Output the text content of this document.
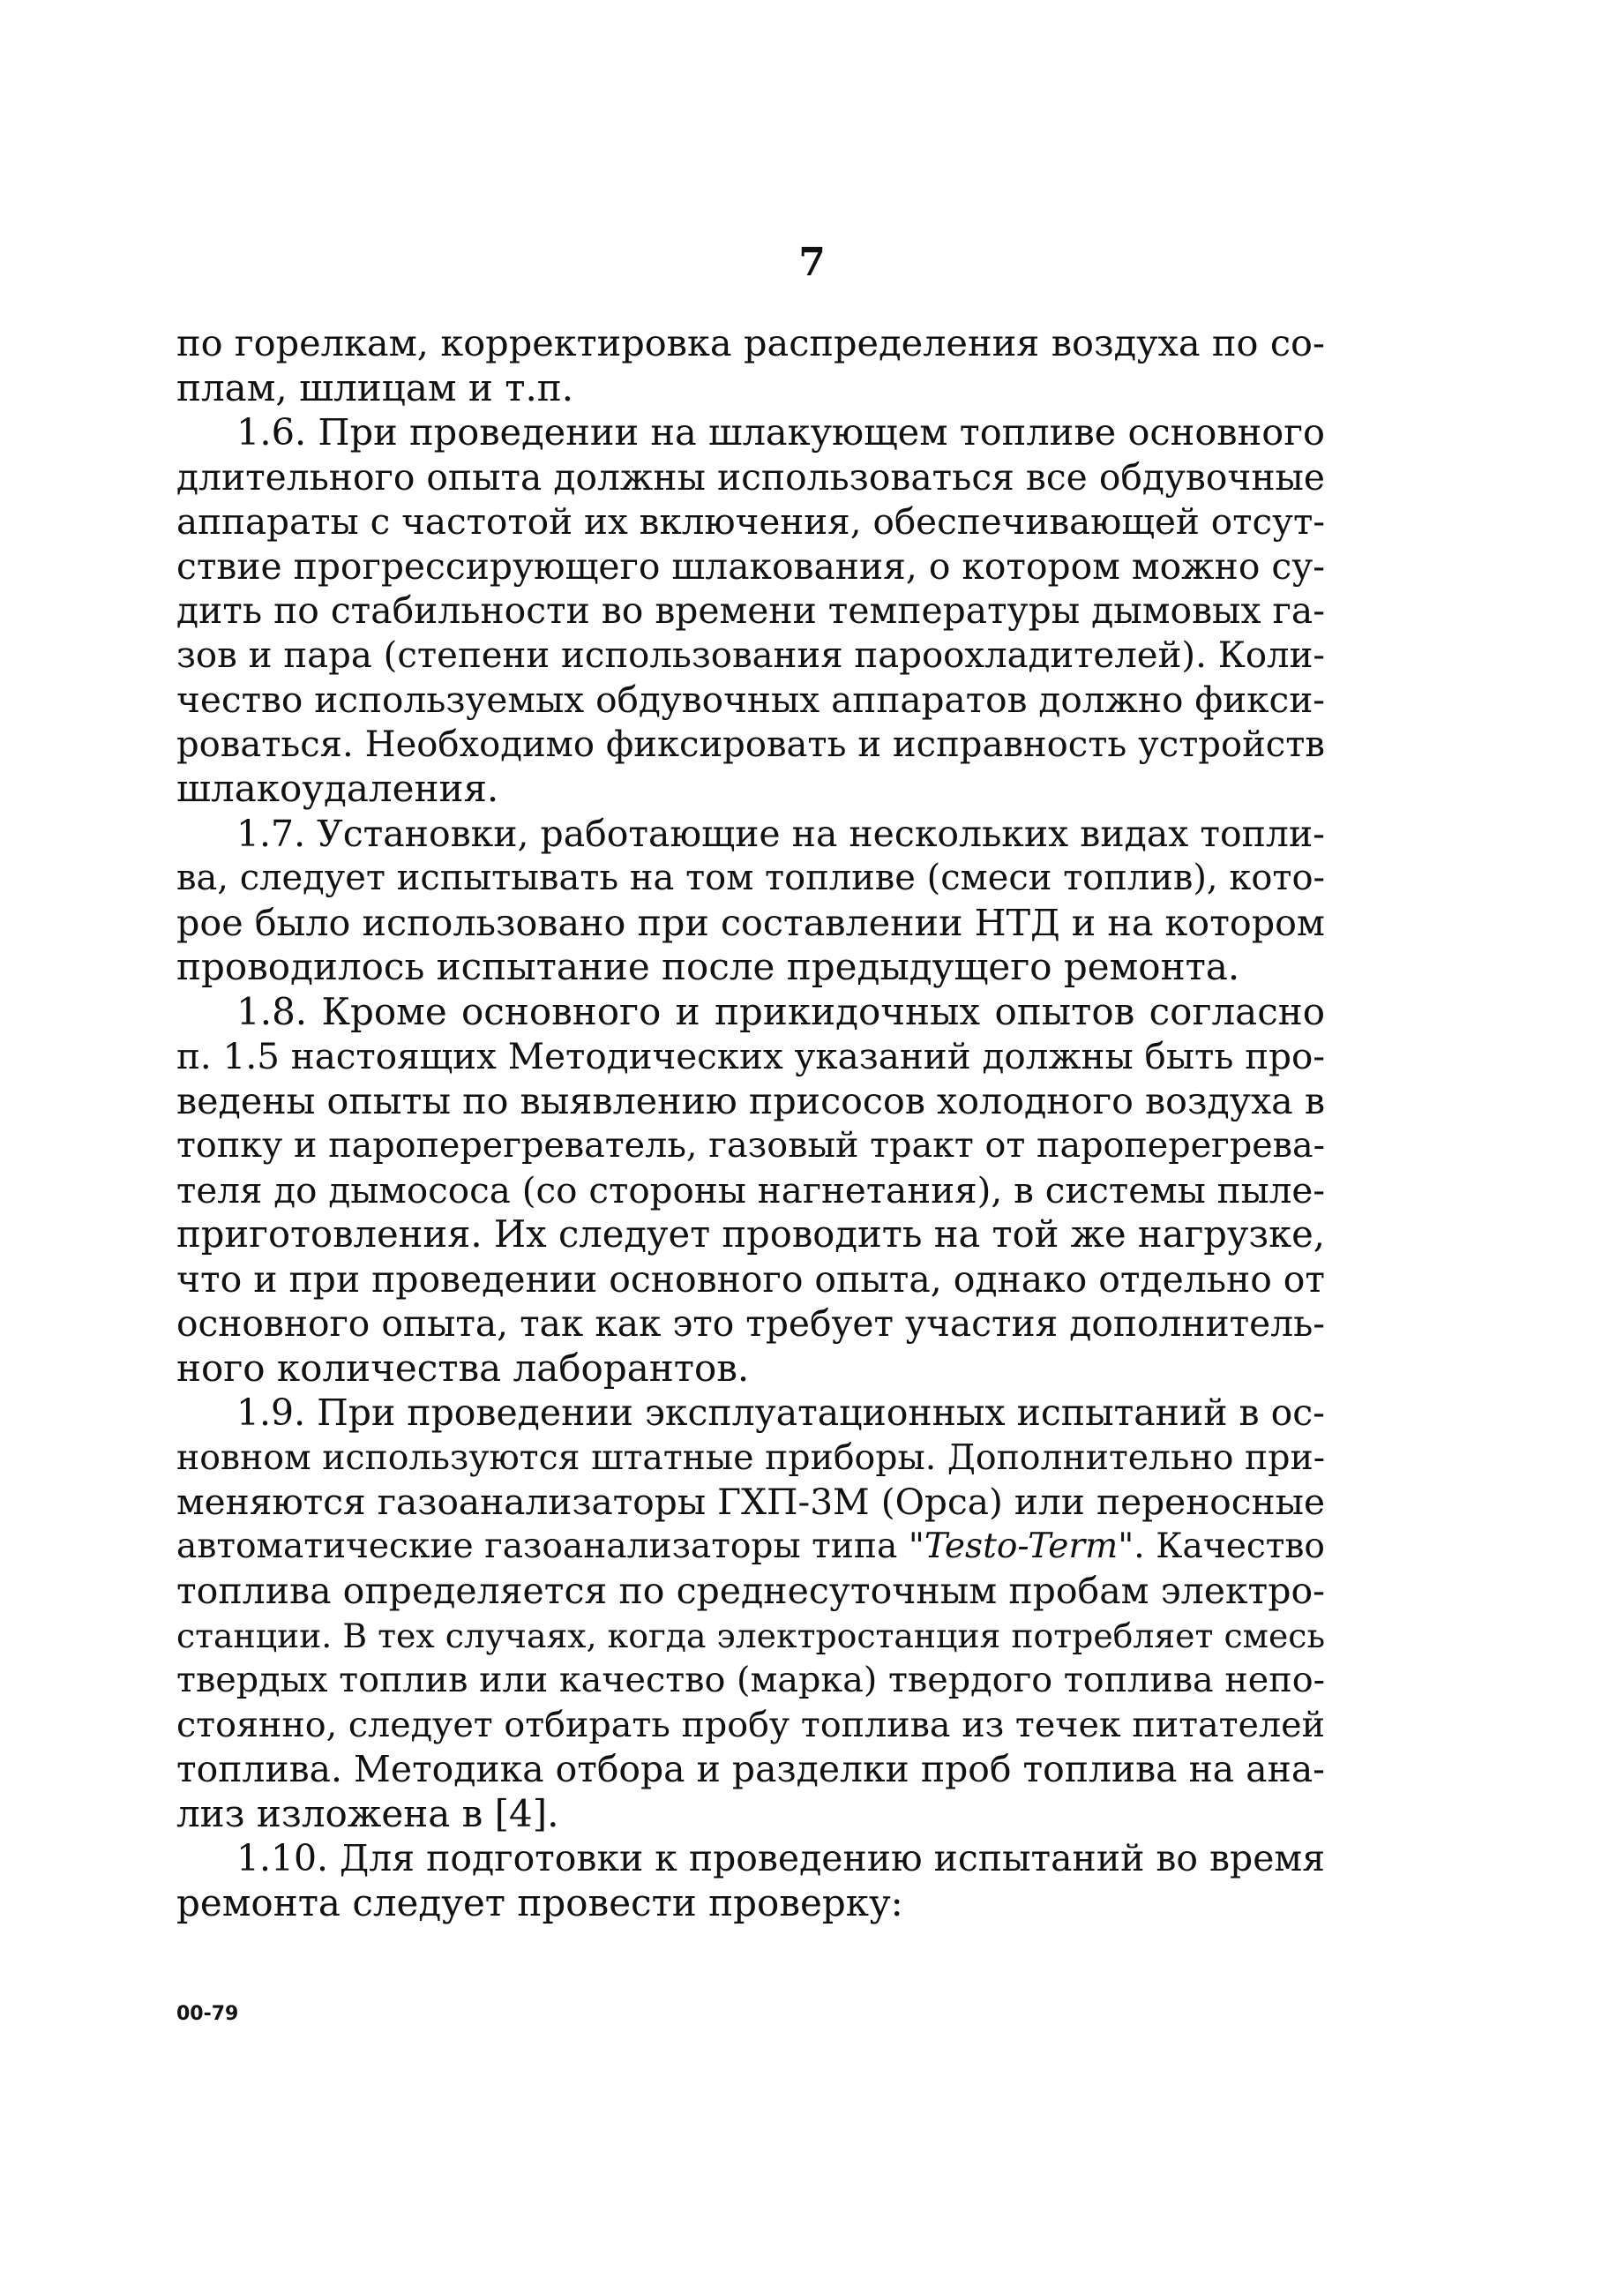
7
по горелкам, корректировка распределения воздуха по со-
плам, шлицам и т.п.
1.6. При проведении на шлакующем топливе основного
длительного опыта должны использоваться все обдувочные
аппараты с частотой их включения, обеспечивающей отсут-
ствие прогрессирующего шлакования, о котором можно су-
дить по стабильности во времени температуры дымовых га-
зов и пара (степени использования пароохладителей). Коли-
чество используемых обдувочных аппаратов должно фикси-
роваться. Необходимо фиксировать и исправность устройств
шлакоудаления.
1.7. Установки, работающие на нескольких видах топли-
ва, следует испытывать на том топливе (смеси топлив), кото-
рое было использовано при составлении НТД и на котором
проводилось испытание после предыдущего ремонта.
1.8. Кроме основного и прикидочных опытов согласно
п. 1.5 настоящих Методических указаний должны быть про-
ведены опыты по выявлению присосов холодного воздуха в
топку и пароперегреватель, газовый тракт от пароперегрева-
теля до дымососа (со стороны нагнетания), в системы пыле-
приготовления. Их следует проводить на той же нагрузке,
что и при проведении основного опыта, однако отдельно от
основного опыта, так как это требует участия дополнитель-
ного количества лаборантов.
1.9. При проведении эксплуатационных испытаний в ос-
новном используются штатные приборы. Дополнительно при-
меняются газоанализаторы ГХП-3М (Орса) или переносные
автоматические газоанализаторы типа "Testo-Term". Качество
топлива определяется по среднесуточным пробам электро-
станции. В тех случаях, когда электростанция потребляет смесь
твердых топлив или качество (марка) твердого топлива непо-
стоянно, следует отбирать пробу топлива из течек питателей
топлива. Методика отбора и разделки проб топлива на ана-
лиз изложена в [4].
1.10. Для подготовки к проведению испытаний во время
ремонта следует провести проверку:
00-79
